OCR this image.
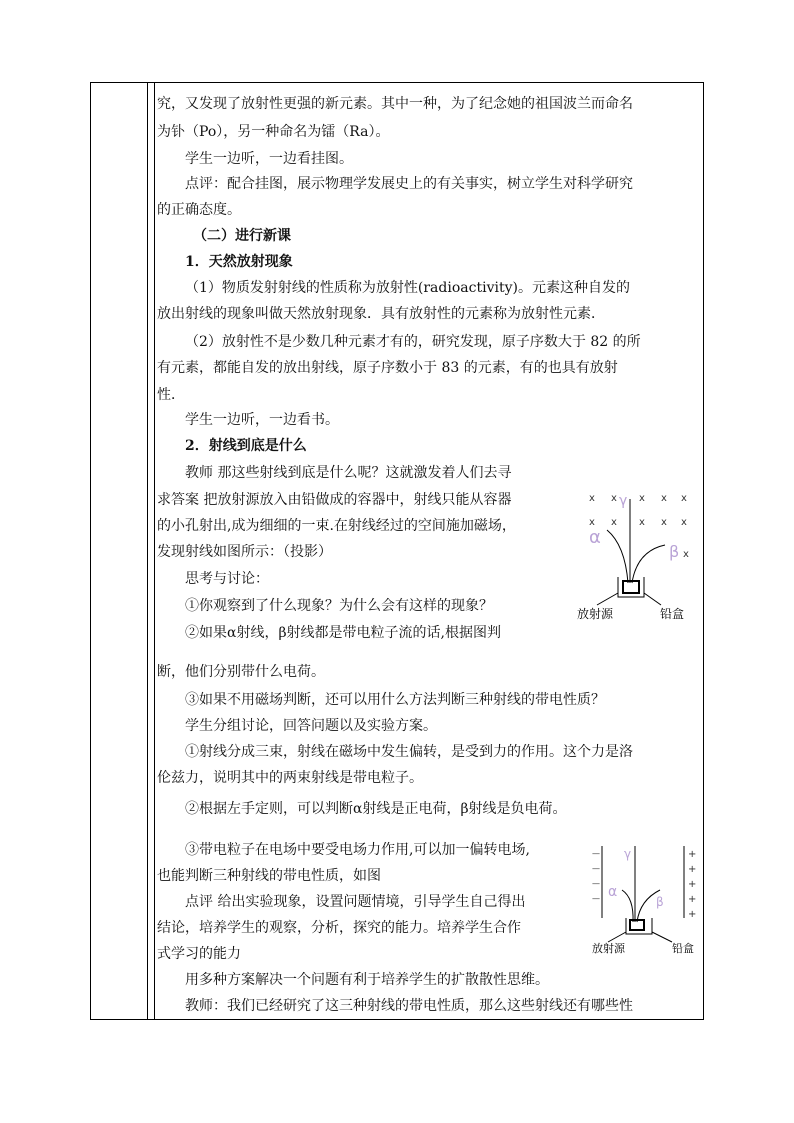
究，又发现了放射性更强的新元素。其中一种，为了纪念她的祖国波兰而命名
为钋（Po），另一种命名为镭（Ra）。
学生一边听，一边看挂图。
点评：配合挂图，展示物理学发展史上的有关事实，树立学生对科学研究
的正确态度。
（二）进行新课
1．天然放射现象
（1）物质发射射线的性质称为放射性(radioactivity)。元素这种自发的
放出射线的现象叫做天然放射现象．具有放射性的元素称为放射性元素．
（2）放射性不是少数几种元素才有的，研究发现，原子序数大于 82 的所
有元素，都能自发的放出射线，原子序数小于 83 的元素，有的也具有放射
性．
学生一边听，一边看书。
2．射线到底是什么
教师 那这些射线到底是什么呢？这就激发着人们去寻
求答案 把放射源放入由铅做成的容器中，射线只能从容器
的小孔射出,成为细细的一束.在射线经过的空间施加磁场，
发现射线如图所示：（投影）
思考与讨论：
①你观察到了什么现象？为什么会有这样的现象？
②如果α射线，β射线都是带电粒子流的话,根据图判
断，他们分别带什么电荷。
③如果不用磁场判断，还可以用什么方法判断三种射线的带电性质？
学生分组讨论，回答问题以及实验方案。
①射线分成三束，射线在磁场中发生偏转，是受到力的作用。这个力是洛
伦兹力，说明其中的两束射线是带电粒子。
②根据左手定则，可以判断α射线是正电荷，β射线是负电荷。
③带电粒子在电场中要受电场力作用,可以加一偏转电场,
也能判断三种射线的带电性质，如图
点评 给出实验现象，设置问题情境，引导学生自己得出
结论，培养学生的观察，分析，探究的能力。培养学生合作
式学习的能力
用多种方案解决一个问题有利于培养学生的扩散散性思维。
教师：我们已经研究了这三种射线的带电性质，那么这些射线还有哪些性
x x x x x
x x x x x
x
γ
α
β
放射源	铅盒
—
—
—
—
+
+
+
+
+
γ
α
β
放射源	铅盒
